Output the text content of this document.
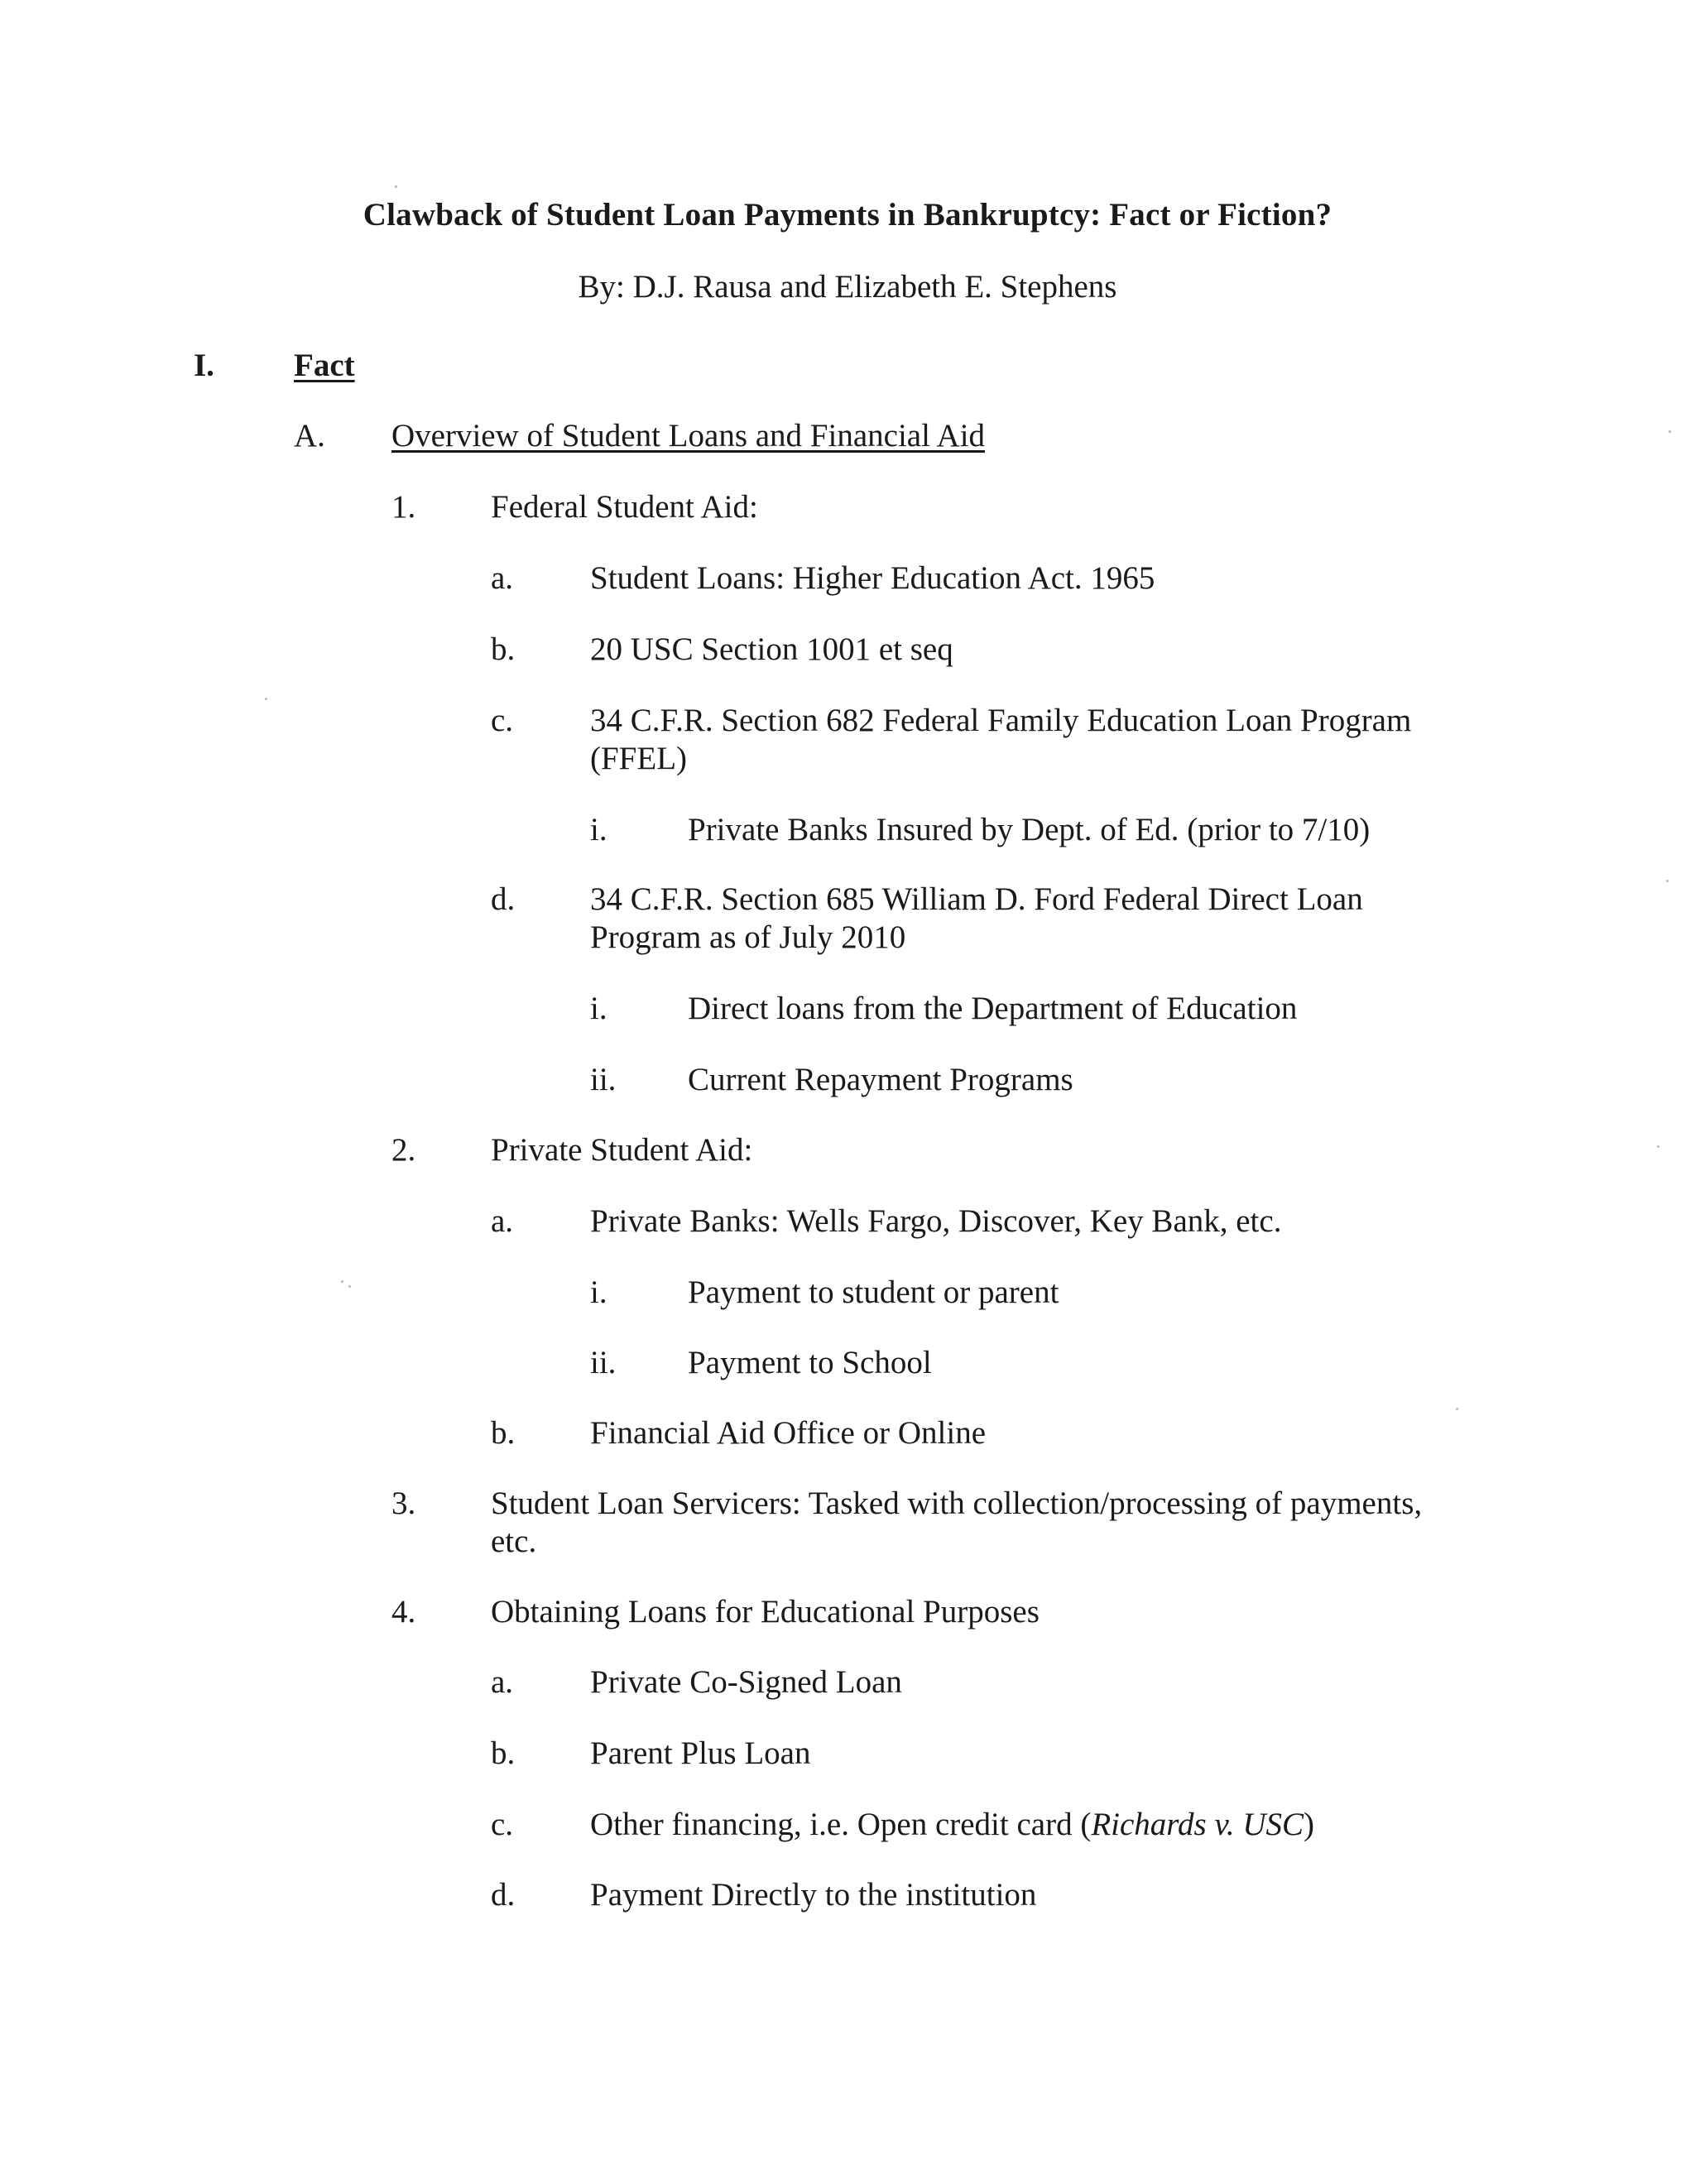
Clawback of Student Loan Payments in Bankruptcy: Fact or Fiction?
By: D.J. Rausa and Elizabeth E. Stephens
I. Fact
A. Overview of Student Loans and Financial Aid
1. Federal Student Aid:
a. Student Loans: Higher Education Act. 1965
b. 20 USC Section 1001 et seq
c. 34 C.F.R. Section 682 Federal Family Education Loan Program
(FFEL)
i. Private Banks Insured by Dept. of Ed. (prior to 7/10)
d. 34 C.F.R. Section 685 William D. Ford Federal Direct Loan
Program as of July 2010
i. Direct loans from the Department of Education
ii. Current Repayment Programs
2. Private Student Aid:
a. Private Banks: Wells Fargo, Discover, Key Bank, etc.
i. Payment to student or parent
ii. Payment to School
b. Financial Aid Office or Online
3. Student Loan Servicers: Tasked with collection/processing of payments,
etc.
4. Obtaining Loans for Educational Purposes
a. Private Co-Signed Loan
b. Parent Plus Loan
c. Other financing, i.e. Open credit card (Richards v. USC)
d. Payment Directly to the institution
